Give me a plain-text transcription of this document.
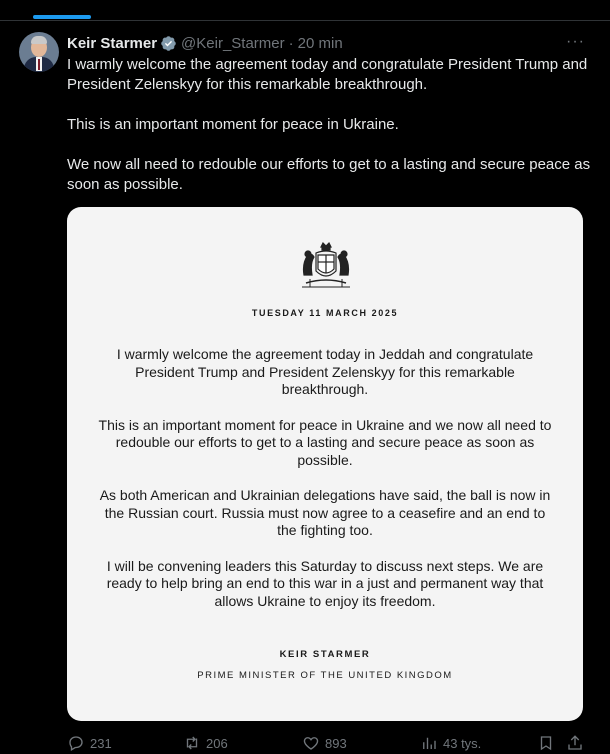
Keir Starmer @Keir_Starmer · 20 min	···

I warmly welcome the agreement today and congratulate President Trump and President Zelenskyy for this remarkable breakthrough.

This is an important moment for peace in Ukraine.

We now all need to redouble our efforts to get to a lasting and secure peace as soon as possible.

TUESDAY 11 MARCH 2025

I warmly welcome the agreement today in Jeddah and congratulate President Trump and President Zelenskyy for this remarkable breakthrough.

This is an important moment for peace in Ukraine and we now all need to redouble our efforts to get to a lasting and secure peace as soon as possible.

As both American and Ukrainian delegations have said, the ball is now in the Russian court. Russia must now agree to a ceasefire and an end to the fighting too.

I will be convening leaders this Saturday to discuss next steps. We are ready to help bring an end to this war in a just and permanent way that allows Ukraine to enjoy its freedom.

KEIR STARMER
PRIME MINISTER OF THE UNITED KINGDOM
231	206	893	43 tys.
